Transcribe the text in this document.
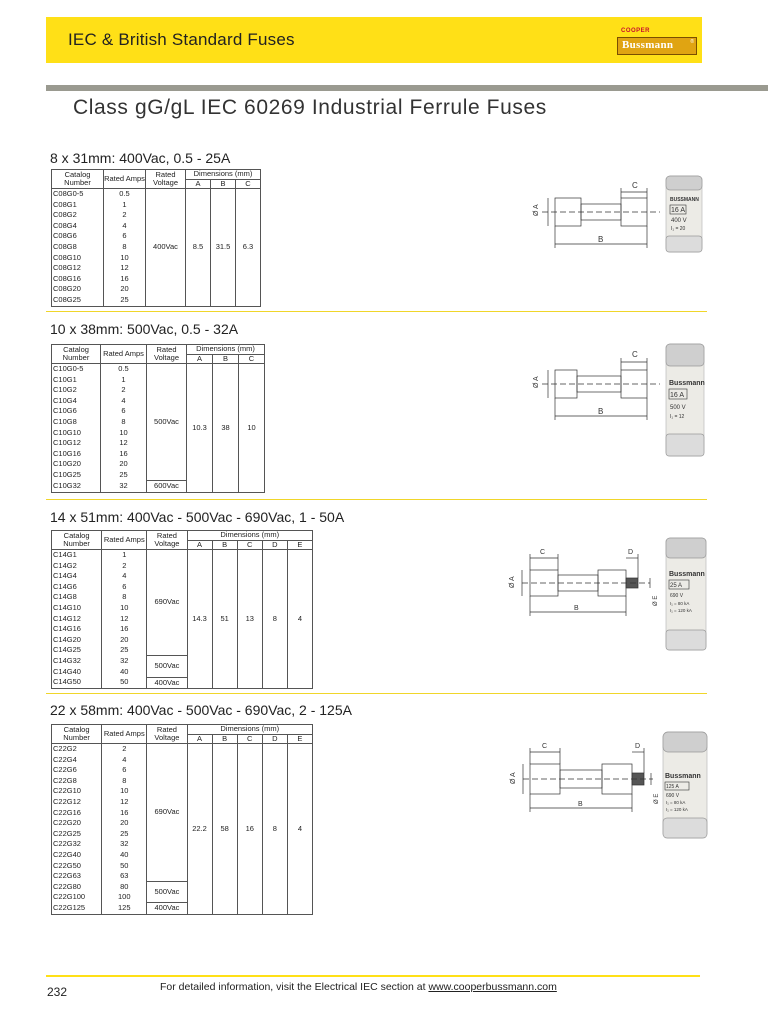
IEC & British Standard Fuses	COOPER
Bussmann	®
Class gG/gL IEC 60269 Industrial Ferrule Fuses
8 x 31mm: 400Vac, 0.5 - 25A
Catalog Number	Rated Amps	Rated Voltage	Dimensions (mm)		
			A	B	C
C08G0-5	0.5	400Vac	8.5	31.5	6.3
C08G1	1				
C08G2	2				
C08G4	4				
C08G6	6				
C08G8	8				
C08G10	10				
C08G12	12				
C08G16	16				
C08G20	20				
C08G25	25				
C
Ø A
B
BUSSMANN
16 A
400 V
I₁ = 20
10 x 38mm: 500Vac, 0.5 - 32A
Catalog Number	Rated Amps	Rated Voltage	Dimensions (mm)		
			A	B	C
C10G0-5	0.5	500Vac	10.3	38	10
C10G1	1				
C10G2	2				
C10G4	4				
C10G6	6				
C10G8	8				
C10G10	10				
C10G12	12				
C10G16	16				
C10G20	20				
C10G25	25				
C10G32	32	600Vac			
C
Ø A
B
Bussmann
16 A
500 V
I₁ = 12
14 x 51mm: 400Vac - 500Vac - 690Vac, 1 - 50A
Catalog Number	Rated Amps	Rated Voltage	Dimensions (mm)				
			A	B	C	D	E
C14G1	1	690Vac	14.3	51	13	8	4
C14G2	2						
C14G4	4						
C14G6	6						
C14G8	8						
C14G10	10						
C14G12	12						
C14G16	16						
C14G20	20						
C14G25	25						
C14G32	32	500Vac					
C14G40	40						
C14G50	50	400Vac					
C	D
Ø A
B
Ø E
Bussmann
25 A
690 V
I₁ = 80 kA
I₁ = 120 kA
22 x 58mm: 400Vac - 500Vac - 690Vac, 2 - 125A
Catalog Number	Rated Amps	Rated Voltage	Dimensions (mm)				
			A	B	C	D	E
C22G2	2	690Vac	22.2	58	16	8	4
C22G4	4						
C22G6	6						
C22G8	8						
C22G10	10						
C22G12	12						
C22G16	16						
C22G20	20						
C22G25	25						
C22G32	32						
C22G40	40						
C22G50	50						
C22G63	63						
C22G80	80	500Vac					
C22G100	100						
C22G125	125	400Vac					
C	D
Ø A
B
Ø E
Bussmann
125 A
690 V
I₁ = 80 kA
I₁ = 120 kA
232	For detailed information, visit the Electrical IEC section at www.cooperbussmann.com
